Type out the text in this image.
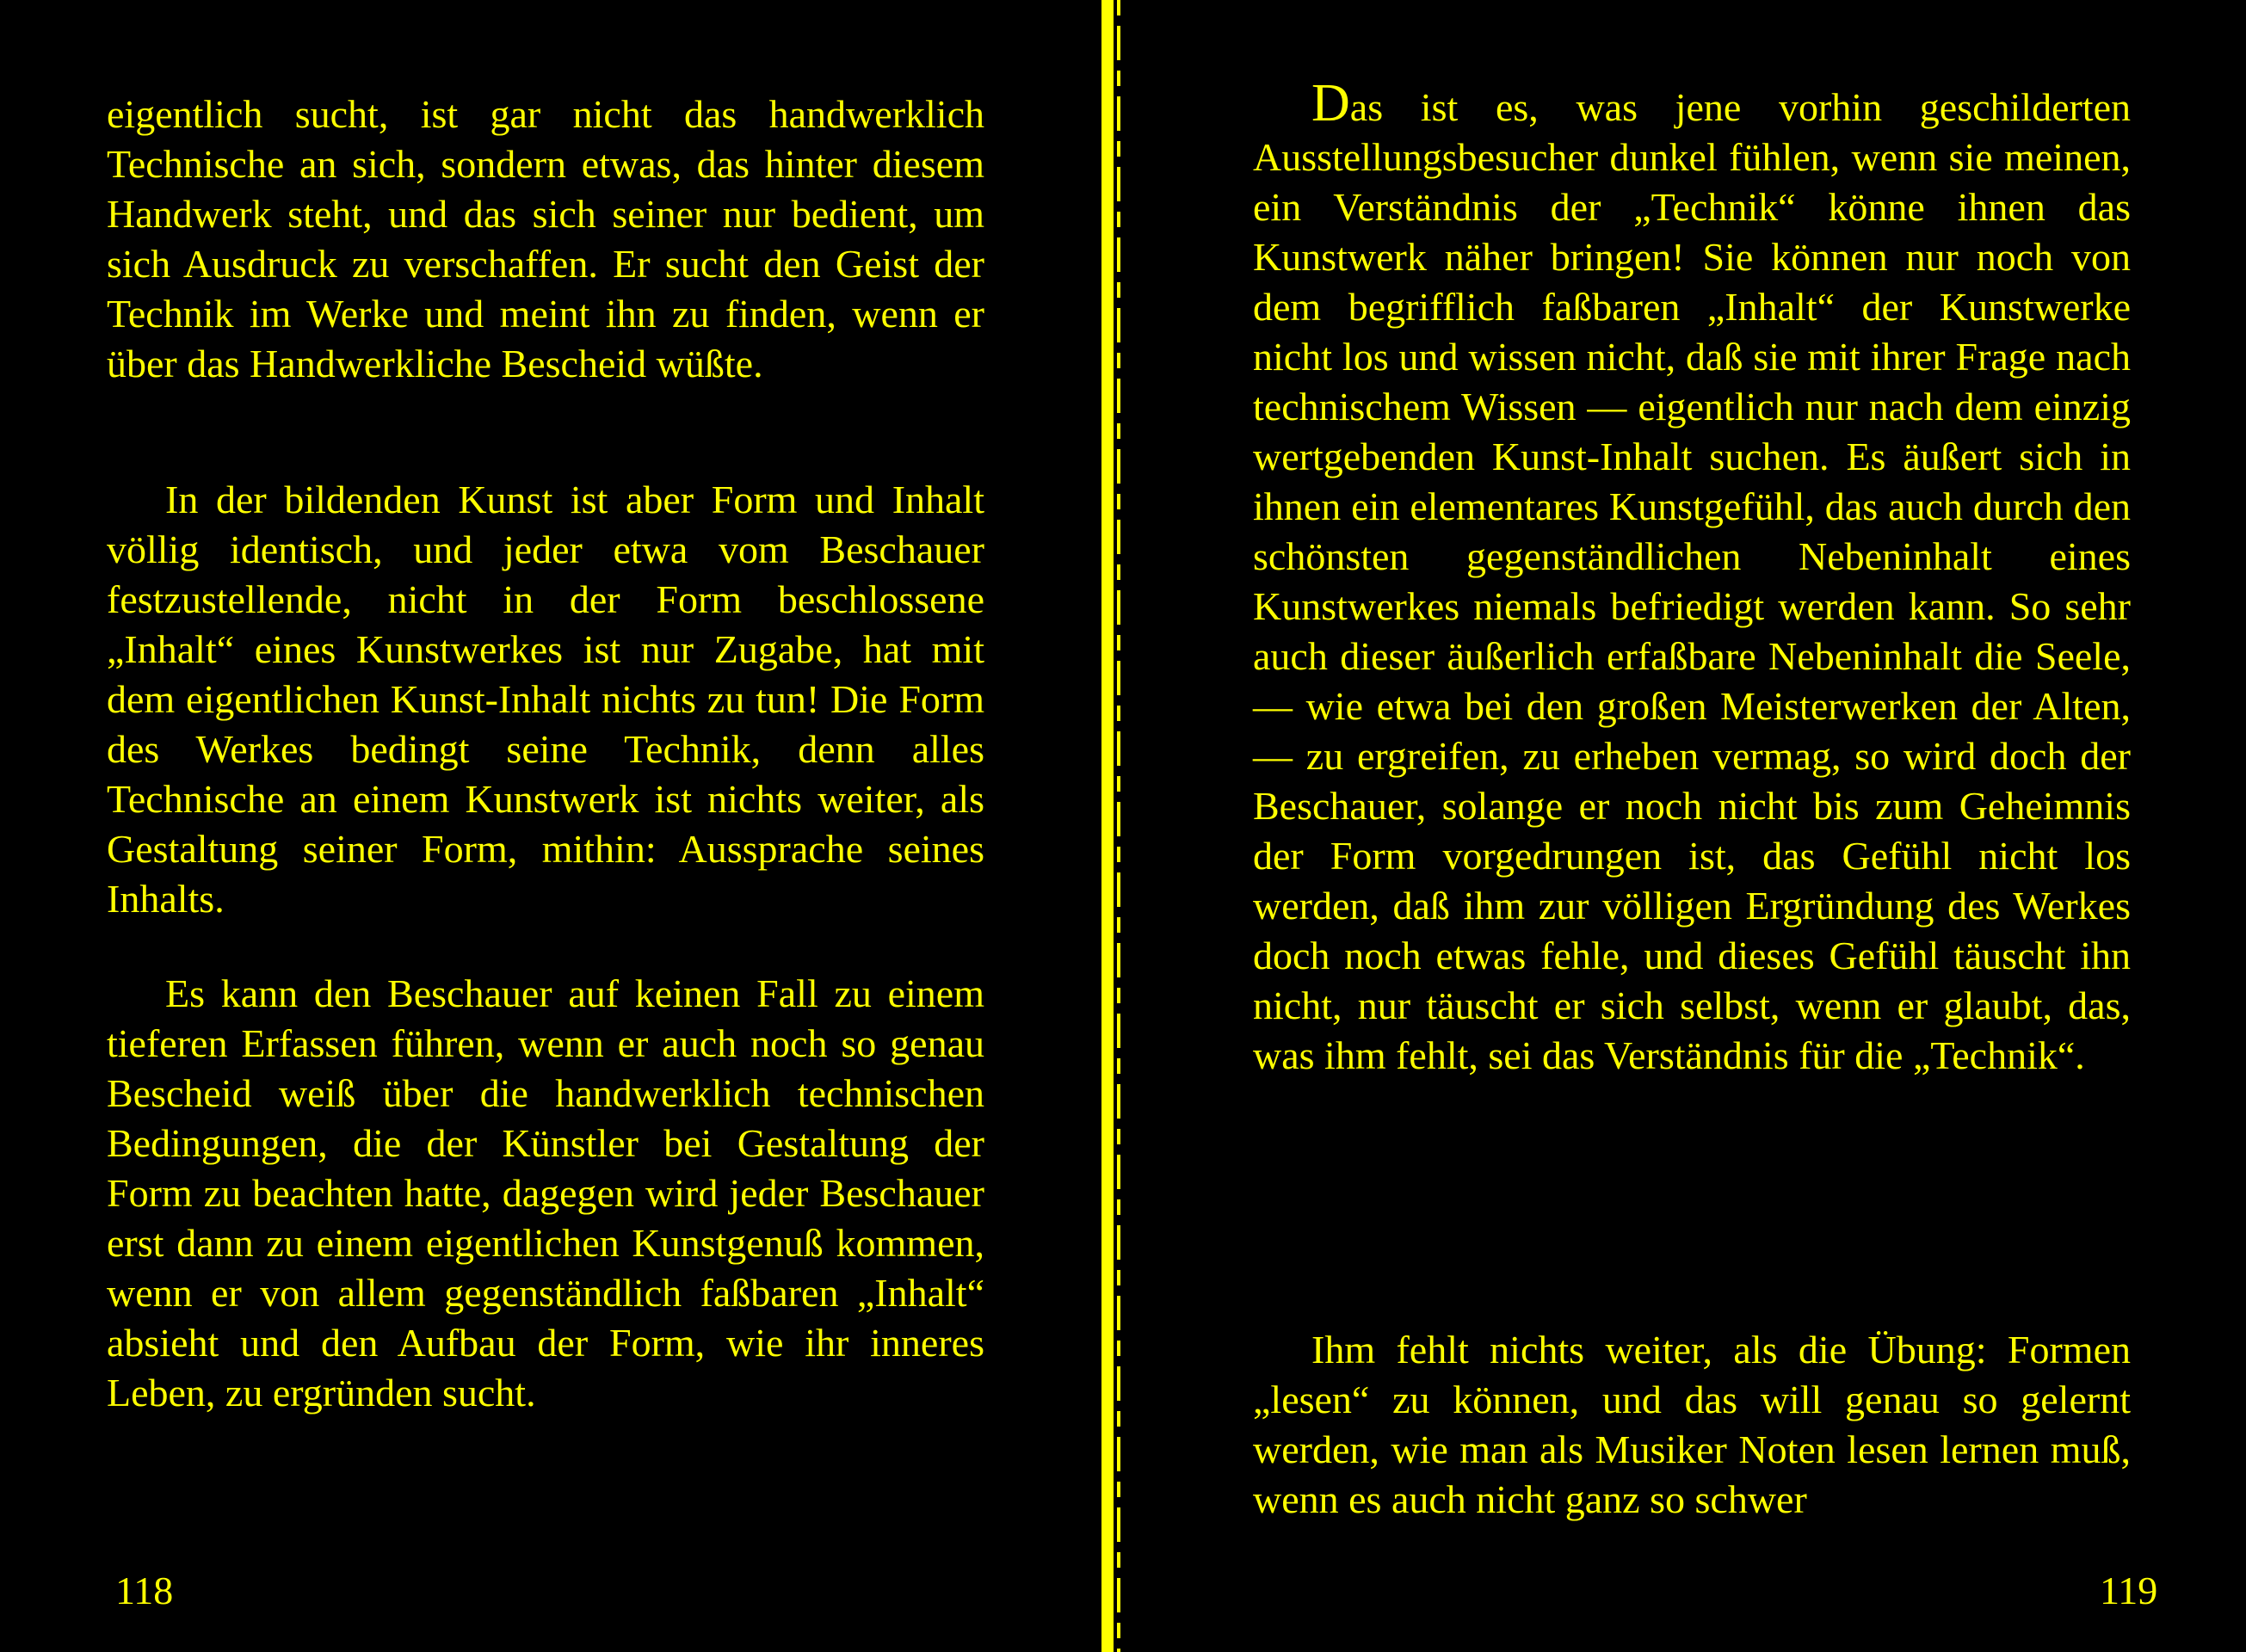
eigentlich sucht, ist gar nicht das handwerklich Technische an sich, sondern etwas, das hinter diesem Handwerk steht, und das sich seiner nur bedient, um sich Ausdruck zu verschaffen. Er sucht den Geist der Technik im Werke und meint ihn zu finden, wenn er über das Handwerkliche Bescheid wüßte.

In der bildenden Kunst ist aber Form und Inhalt völlig identisch, und jeder etwa vom Beschauer festzustellende, nicht in der Form beschlossene „Inhalt“ eines Kunstwerkes ist nur Zugabe, hat mit dem eigentlichen Kunst-Inhalt nichts zu tun! Die Form des Werkes bedingt seine Technik, denn alles Technische an einem Kunstwerk ist nichts weiter, als Gestaltung seiner Form, mithin: Aussprache seines Inhalts.

Es kann den Beschauer auf keinen Fall zu einem tieferen Erfassen führen, wenn er auch noch so genau Bescheid weiß über die handwerklich technischen Bedingungen, die der Künstler bei Gestaltung der Form zu beachten hatte, dagegen wird jeder Beschauer erst dann zu einem eigentlichen Kunstgenuß kommen, wenn er von allem gegenständlich faßbaren „Inhalt“ absieht und den Aufbau der Form, wie ihr inneres Leben, zu ergründen sucht.

118

Das ist es, was jene vorhin geschilderten Ausstellungsbesucher dunkel fühlen, wenn sie meinen, ein Verständnis der „Technik“ könne ihnen das Kunstwerk näher bringen! Sie können nur noch von dem begrifflich faßbaren „Inhalt“ der Kunstwerke nicht los und wissen nicht, daß sie mit ihrer Frage nach technischem Wissen — eigentlich nur nach dem einzig wertgebenden Kunst-Inhalt suchen. Es äußert sich in ihnen ein elementares Kunstgefühl, das auch durch den schönsten gegenständlichen Nebeninhalt eines Kunstwerkes niemals befriedigt werden kann. So sehr auch dieser äußerlich erfaßbare Nebeninhalt die Seele, — wie etwa bei den großen Meisterwerken der Alten, — zu ergreifen, zu erheben vermag, so wird doch der Beschauer, solange er noch nicht bis zum Geheimnis der Form vorgedrungen ist, das Gefühl nicht los werden, daß ihm zur völligen Ergründung des Werkes doch noch etwas fehle, und dieses Gefühl täuscht ihn nicht, nur täuscht er sich selbst, wenn er glaubt, das, was ihm fehlt, sei das Verständnis für die „Technik“.

Ihm fehlt nichts weiter, als die Übung: Formen „lesen“ zu können, und das will genau so gelernt werden, wie man als Musiker Noten lesen lernen muß, wenn es auch nicht ganz so schwer

119
